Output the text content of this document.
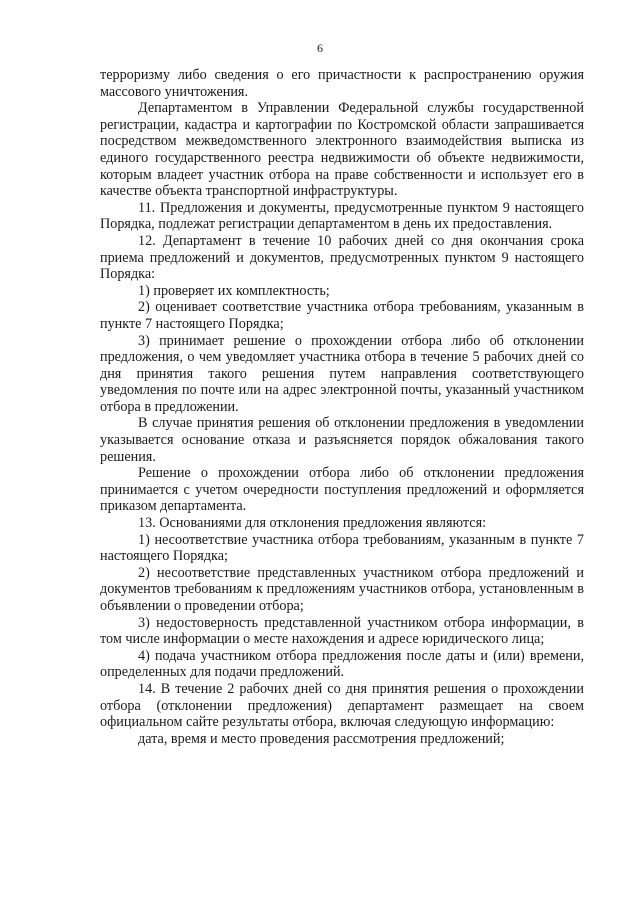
6

терроризму либо сведения о его причастности к распространению оружия массового уничтожения.

Департаментом в Управлении Федеральной службы государственной регистрации, кадастра и картографии по Костромской области запрашивается посредством межведомственного электронного взаимодействия выписка из единого государственного реестра недвижимости об объекте недвижимости, которым владеет участник отбора на праве собственности и использует его в качестве объекта транспортной инфраструктуры.

11. Предложения и документы, предусмотренные пунктом 9 настоящего Порядка, подлежат регистрации департаментом в день их предоставления.

12. Департамент в течение 10 рабочих дней со дня окончания срока приема предложений и документов, предусмотренных пунктом 9 настоящего Порядка:

1) проверяет их комплектность;

2) оценивает соответствие участника отбора требованиям, указанным в пункте 7 настоящего Порядка;

3) принимает решение о прохождении отбора либо об отклонении предложения, о чем уведомляет участника отбора в течение 5 рабочих дней со дня принятия такого решения путем направления соответствующего уведомления по почте или на адрес электронной почты, указанный участником отбора в предложении.

В случае принятия решения об отклонении предложения в уведомлении указывается основание отказа и разъясняется порядок обжалования такого решения.

Решение о прохождении отбора либо об отклонении предложения принимается с учетом очередности поступления предложений и оформляется приказом департамента.

13. Основаниями для отклонения предложения являются:

1) несоответствие участника отбора требованиям, указанным в пункте 7 настоящего Порядка;

2) несоответствие представленных участником отбора предложений и документов требованиям к предложениям участников отбора, установленным в объявлении о проведении отбора;

3) недостоверность представленной участником отбора информации, в том числе информации о месте нахождения и адресе юридического лица;

4) подача участником отбора предложения после даты и (или) времени, определенных для подачи предложений.

14. В течение 2 рабочих дней со дня принятия решения о прохождении отбора (отклонении предложения) департамент размещает на своем официальном сайте результаты отбора, включая следующую информацию:

дата, время и место проведения рассмотрения предложений;
